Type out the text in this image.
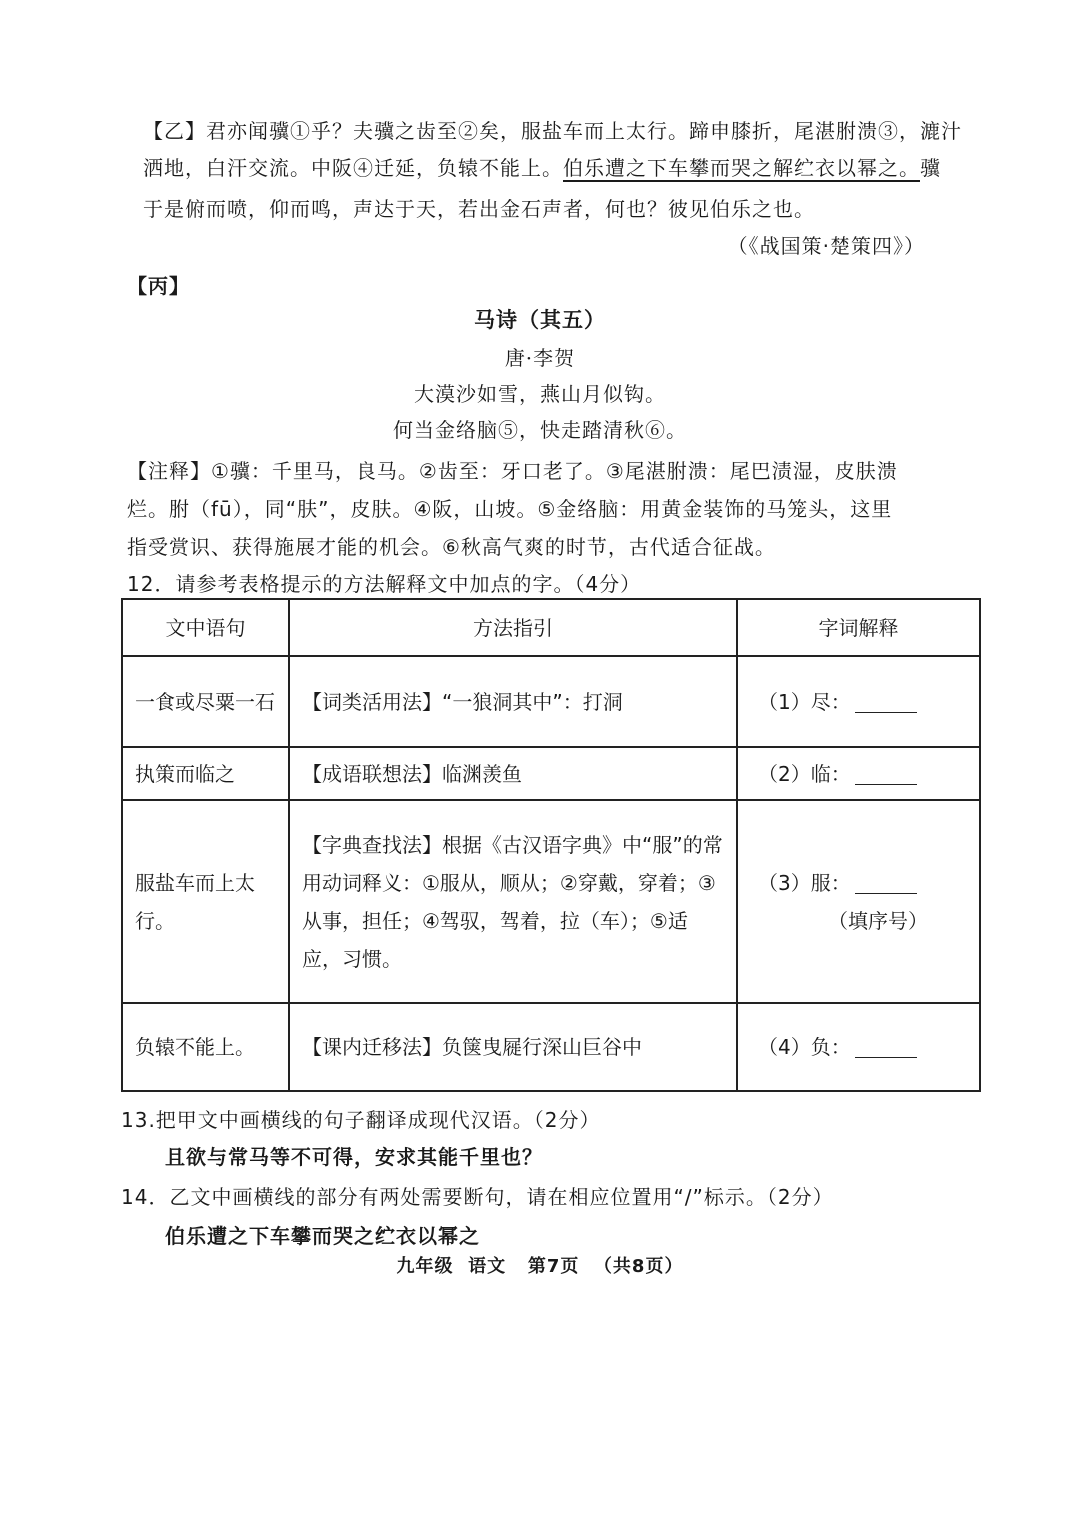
【乙】君亦闻骥①乎？夫骥之齿至②矣，服盐车而上太行。蹄申膝折，尾湛胕溃③，漉汁
洒地，白汗交流。中阪④迁延，负辕不能上。伯乐遭之下车攀而哭之解纻衣以幂之。骥
于是俯而喷，仰而鸣，声达于天，若出金石声者，何也？彼见伯乐之也。
（《战国策·楚策四》）
【丙】
马诗（其五）
唐·李贺
大漠沙如雪，燕山月似钩。
何当金络脑⑤，快走踏清秋⑥。
【注释】①骥：千里马，良马。②齿至：牙口老了。③尾湛胕溃：尾巴渍湿，皮肤溃
烂。胕（fū），同“肤”，皮肤。④阪，山坡。⑤金络脑：用黄金装饰的马笼头，这里
指受赏识、获得施展才能的机会。⑥秋高气爽的时节，古代适合征战。
12．请参考表格提示的方法解释文中加点的字。（4分）
文中语句	方法指引	字词解释
一食或尽粟一石	【词类活用法】“一狼洞其中”：打洞	（1）尽：
执策而临之	【成语联想法】临渊羡鱼	（2）临：
服盐车而上太行。	【字典查找法】根据《古汉语字典》中“服”的常用动词释义：①服从，顺从；②穿戴，穿着；③从事，担任；④驾驭，驾着，拉（车）；⑤适应，习惯。	（3）服：
（填序号）

负辕不能上。	【课内迁移法】负箧曳屣行深山巨谷中	（4）负：
13.把甲文中画横线的句子翻译成现代汉语。（2分）
且欲与常马等不可得，安求其能千里也？
14．乙文中画横线的部分有两处需要断句，请在相应位置用“/”标示。（2分）
伯乐遭之下车攀而哭之纻衣以幂之
九年级  语文   第7页  （共8页）
